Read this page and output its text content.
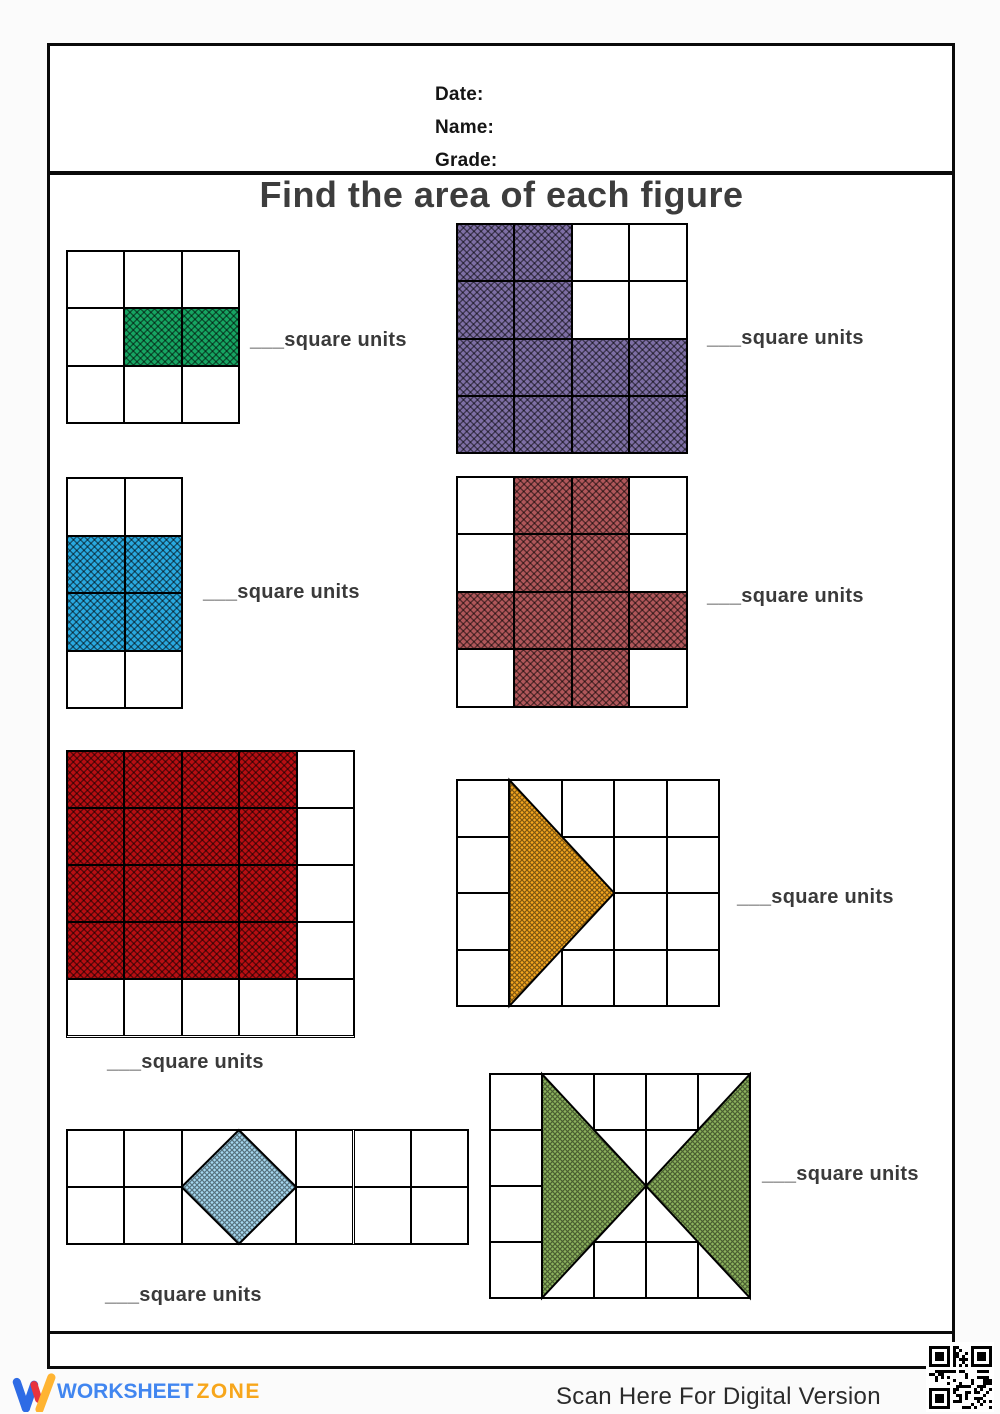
Date:
Name:
Grade:
Find the area of each figure
___square units	___square units
___square units	___square units
___square units
___square units
___square units
___square units
WORKSHEET ZONE	Scan Here For Digital Version
